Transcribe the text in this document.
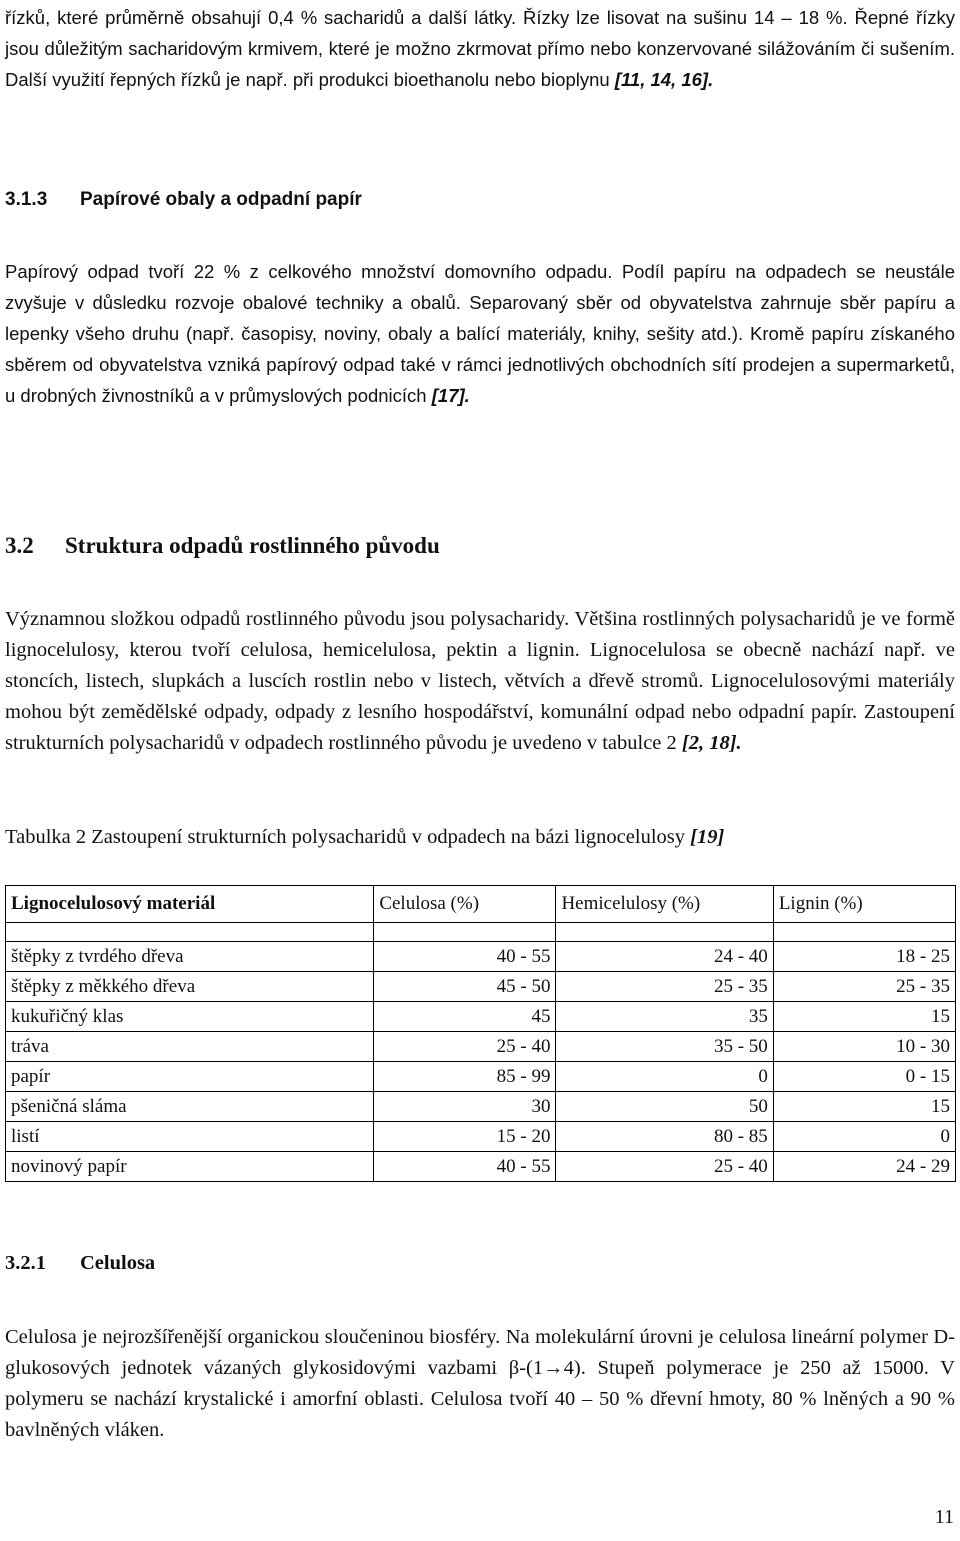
řízků, které průměrně obsahují 0,4 % sacharidů a další látky. Řízky lze lisovat na sušinu 14 – 18 %. Řepné řízky jsou důležitým sacharidovým krmivem, které je možno zkrmovat přímo nebo konzervované silážováním či sušením. Další využití řepných řízků je např. při produkci bioethanolu nebo bioplynu [11, 14, 16].
3.1.3 Papírové obaly a odpadní papír
Papírový odpad tvoří 22 % z celkového množství domovního odpadu. Podíl papíru na odpadech se neustále zvyšuje v důsledku rozvoje obalové techniky a obalů. Separovaný sběr od obyvatelstva zahrnuje sběr papíru a lepenky všeho druhu (např. časopisy, noviny, obaly a balící materiály, knihy, sešity atd.). Kromě papíru získaného sběrem od obyvatelstva vzniká papírový odpad také v rámci jednotlivých obchodních sítí prodejen a supermarketů, u drobných živnostníků a v průmyslových podnicích [17].
3.2 Struktura odpadů rostlinného původu
Významnou složkou odpadů rostlinného původu jsou polysacharidy. Většina rostlinných polysacharidů je ve formě lignocelulosy, kterou tvoří celulosa, hemicelulosa, pektin a lignin. Lignocelulosa se obecně nachází např. ve stoncích, listech, slupkách a luscích rostlin nebo v listech, větvích a dřevě stromů. Lignocelulosovými materiály mohou být zemědělské odpady, odpady z lesního hospodářství, komunální odpad nebo odpadní papír. Zastoupení strukturních polysacharidů v odpadech rostlinného původu je uvedeno v tabulce 2 [2, 18].
Tabulka 2 Zastoupení strukturních polysacharidů v odpadech na bázi lignocelulosy [19]
Lignocelulosový materiál	Celulosa (%)	Hemicelulosy (%)	Lignin (%)

štěpky z tvrdého dřeva	40 - 55	24 - 40	18 - 25
štěpky z měkkého dřeva	45 - 50	25 - 35	25 - 35
kukuřičný klas	45	35	15
tráva	25 - 40	35 - 50	10 - 30
papír	85 - 99	0	0 - 15
pšeničná sláma	30	50	15
listí	15 - 20	80 - 85	0
novinový papír	40 - 55	25 - 40	24 - 29
3.2.1 Celulosa
Celulosa je nejrozšířenější organickou sloučeninou biosféry. Na molekulární úrovni je celulosa lineární polymer D-glukosových jednotek vázaných glykosidovými vazbami β-(1→4). Stupeň polymerace je 250 až 15000. V polymeru se nachází krystalické i amorfní oblasti. Celulosa tvoří 40 – 50 % dřevní hmoty, 80 % lněných a 90 % bavlněných vláken.
11
